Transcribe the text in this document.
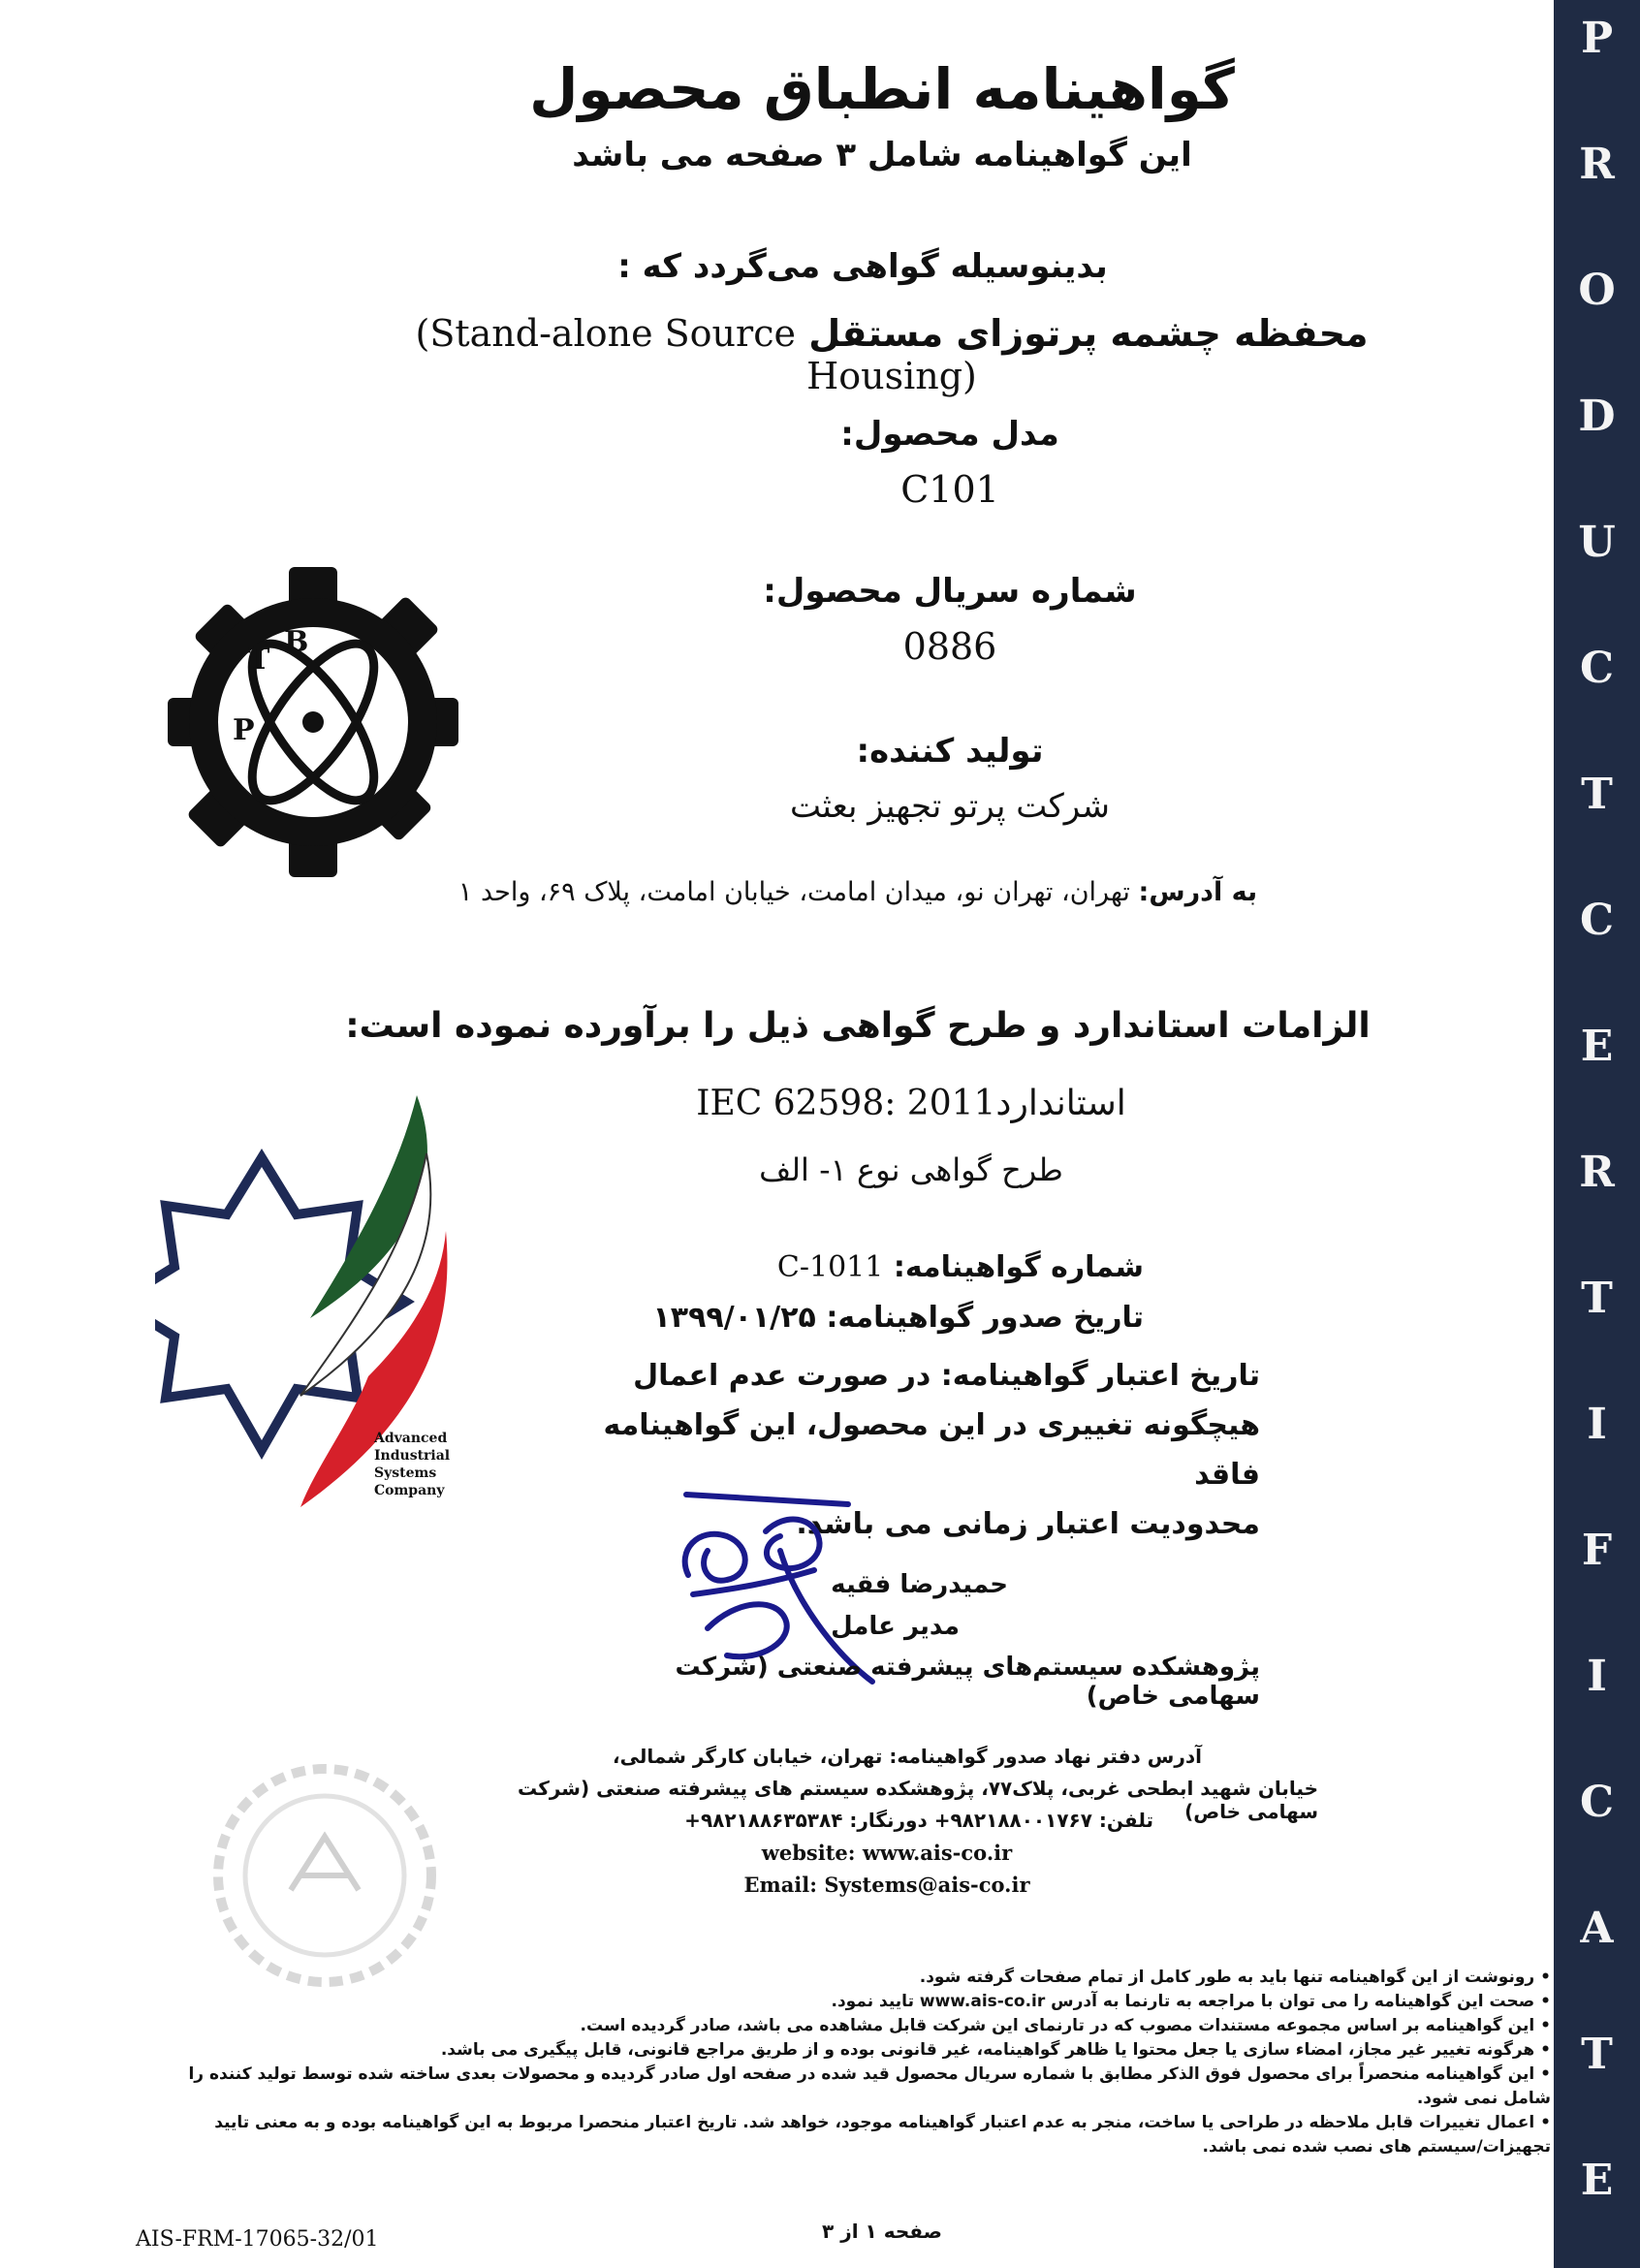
P
R
O
D
U
C
T
C
E
R
T
I
F
I
C
A
T
E
گواهینامه انطباق محصول
این گواهینامه شامل ۳ صفحه می باشد
بدینوسیله گواهی می‌گردد که :
محفظه چشمه پرتوزای مستقل (Stand-alone Source Housing)
مدل محصول:
C101
شماره سریال محصول:
0886
تولید کننده:
شرکت پرتو تجهیز بعثت
به آدرس: تهران، تهران نو، میدان امامت، خیابان امامت، پلاک ۶۹، واحد ۱
الزامات استاندارد و طرح گواهی ذیل را برآورده نموده است:
استانداردIEC 62598: 2011
طرح گواهی نوع ۱- الف
شماره گواهینامه: C-1011
تاریخ صدور گواهینامه: ۱۳۹۹/۰۱/۲۵
تاریخ اعتبار گواهینامه: در صورت عدم اعمال
هیچگونه تغییری در این محصول، این گواهینامه فاقد
محدودیت اعتبار زمانی می باشد.
P
T
B
Advanced
Industrial
Systems
Company
حمیدرضا فقیه
مدیر عامل
پژوهشکده سیستم‌های پیشرفته صنعتی (شرکت سهامی خاص)
آدرس دفتر نهاد صدور گواهینامه: تهران، خیابان کارگر شمالی،
خیابان شهید ابطحی غربی، پلاک۷۷، پژوهشکده سیستم های پیشرفته صنعتی (شرکت سهامی خاص)
تلفن: ۹۸۲۱۸۸۰۰۱۷۶۷+ دورنگار: ۹۸۲۱۸۸۶۳۵۳۸۴+
website: www.ais-co.ir
Email: Systems@ais-co.ir

• رونوشت از این گواهینامه تنها باید به طور کامل از تمام صفحات گرفته شود.

• صحت این گواهینامه را می توان با مراجعه به تارنما به آدرس www.ais-co.ir تایید نمود.

• این گواهینامه بر اساس مجموعه مستندات مصوب که در تارنمای این شرکت قابل مشاهده می باشد، صادر گردیده است.

• هرگونه تغییر غیر مجاز، امضاء سازی یا جعل محتوا یا ظاهر گواهینامه، غیر قانونی بوده و از طریق مراجع قانونی، قابل پیگیری می باشد.

• این گواهینامه منحصراً برای محصول فوق الذکر مطابق با شماره سریال محصول قید شده در صفحه اول صادر گردیده و محصولات بعدی ساخته شده توسط تولید کننده را شامل نمی شود.

• اعمال تغییرات قابل ملاحظه در طراحی یا ساخت، منجر به عدم اعتبار گواهینامه موجود، خواهد شد. تاریخ اعتبار منحصرا مربوط به این گواهینامه بوده و به معنی تایید تجهیزات/سیستم های نصب شده نمی باشد.

AIS-FRM-17065-32/01	صفحه ۱ از ۳
